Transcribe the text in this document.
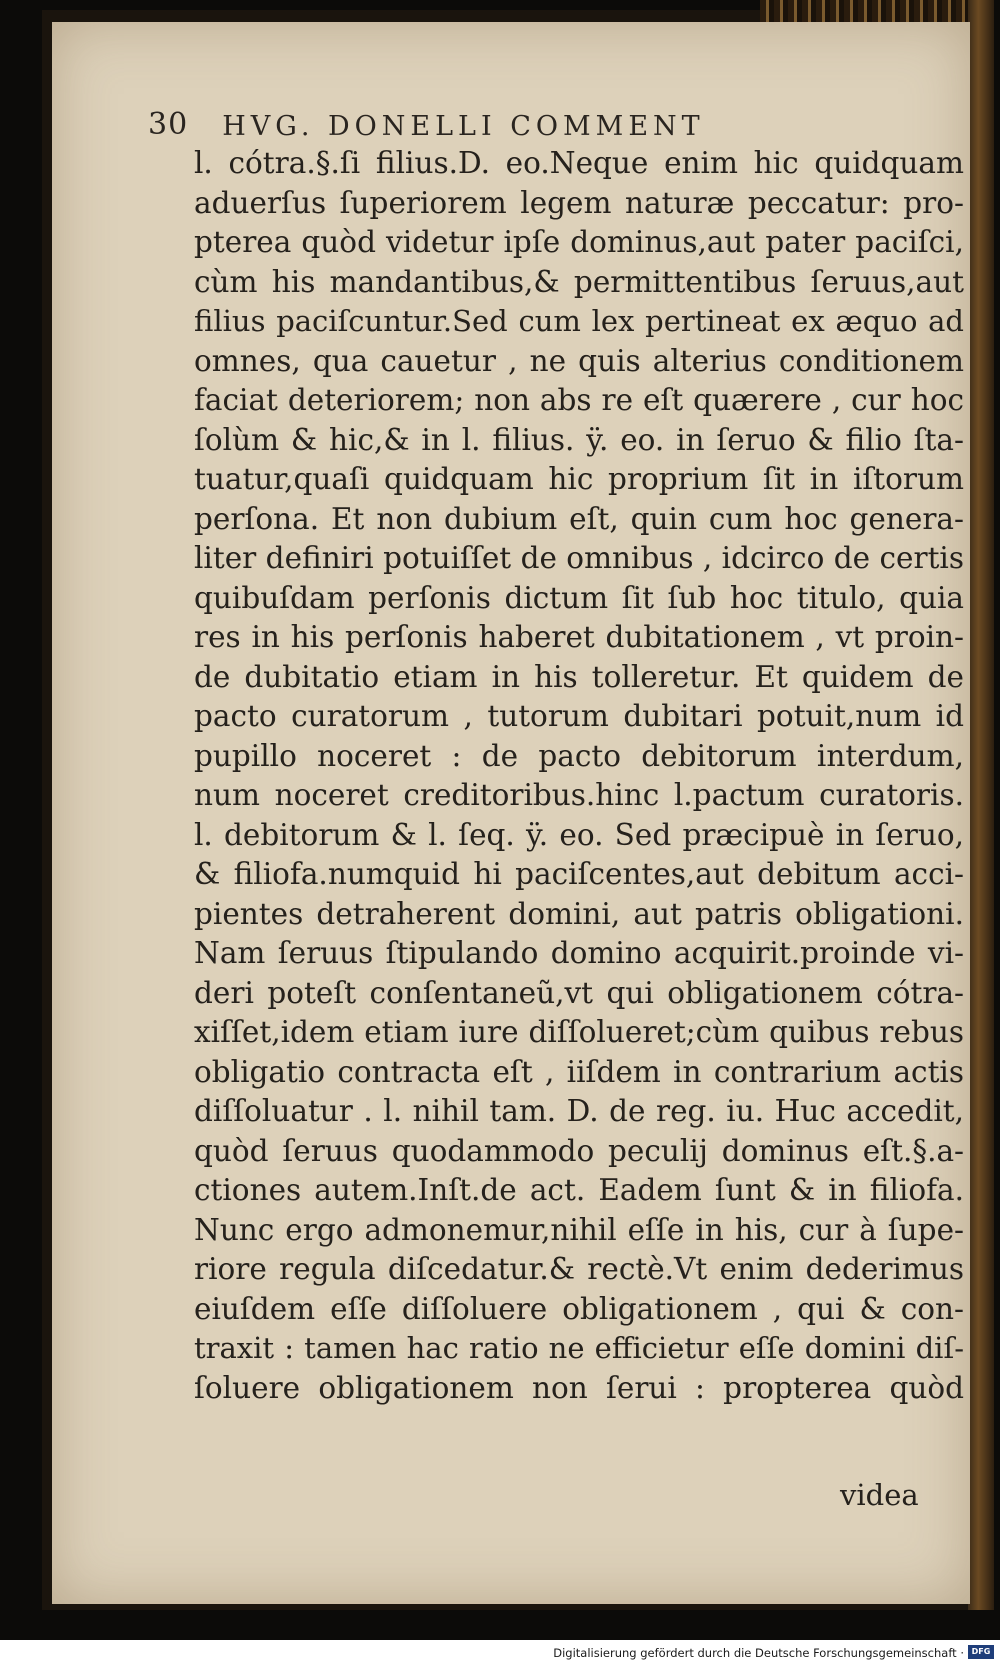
30 HVG. DONELLI COMMENT
l. cótra.§.ſi filius.D. eo.Neque enim hic quidquam
aduerſus ſuperiorem legem naturæ peccatur: pro-
pterea quòd videtur ipſe dominus,aut pater paciſci,
cùm his mandantibus,& permittentibus ſeruus,aut
filius paciſcuntur.Sed cum lex pertineat ex æquo ad
omnes, qua cauetur , ne quis alterius conditionem
faciat deteriorem; non abs re eſt quærere , cur hoc
ſolùm & hic,& in l. filius. ÿ. eo. in ſeruo & filio ſta-
tuatur,quaſi quidquam hic proprium ſit in iſtorum
perſona. Et non dubium eſt, quin cum hoc genera-
liter definiri potuiſſet de omnibus , idcirco de certis
quibuſdam perſonis dictum ſit ſub hoc titulo, quia
res in his perſonis haberet dubitationem , vt proin-
de dubitatio etiam in his tolleretur. Et quidem de
pacto curatorum , tutorum dubitari potuit,num id
pupillo noceret : de pacto debitorum interdum,
num noceret creditoribus.hinc l.pactum curatoris.
l. debitorum & l. ſeq. ÿ. eo. Sed præcipuè in ſeruo,
& filiofa.numquid hi paciſcentes,aut debitum acci-
pientes detraherent domini, aut patris obligationi.
Nam ſeruus ſtipulando domino acquirit.proinde vi-
deri poteſt conſentaneũ,vt qui obligationem cótra-
xiſſet,idem etiam iure diſſolueret;cùm quibus rebus
obligatio contracta eſt , iiſdem in contrarium actis
diſſoluatur . l. nihil tam. D. de reg. iu. Huc accedit,
quòd ſeruus quodammodo peculij dominus eſt.§.a-
ctiones autem.Inſt.de act. Eadem ſunt & in filiofa.
Nunc ergo admonemur,nihil eſſe in his, cur à ſupe-
riore regula diſcedatur.& rectè.Vt enim dederimus
eiuſdem eſſe diſſoluere obligationem , qui & con-
traxit : tamen hac ratio ne efficietur eſſe domini diſ-
ſoluere obligationem non ſerui : propterea quòd
videa
Digitalisierung gefördert durch die Deutsche Forschungsgemeinschaft · DFG
